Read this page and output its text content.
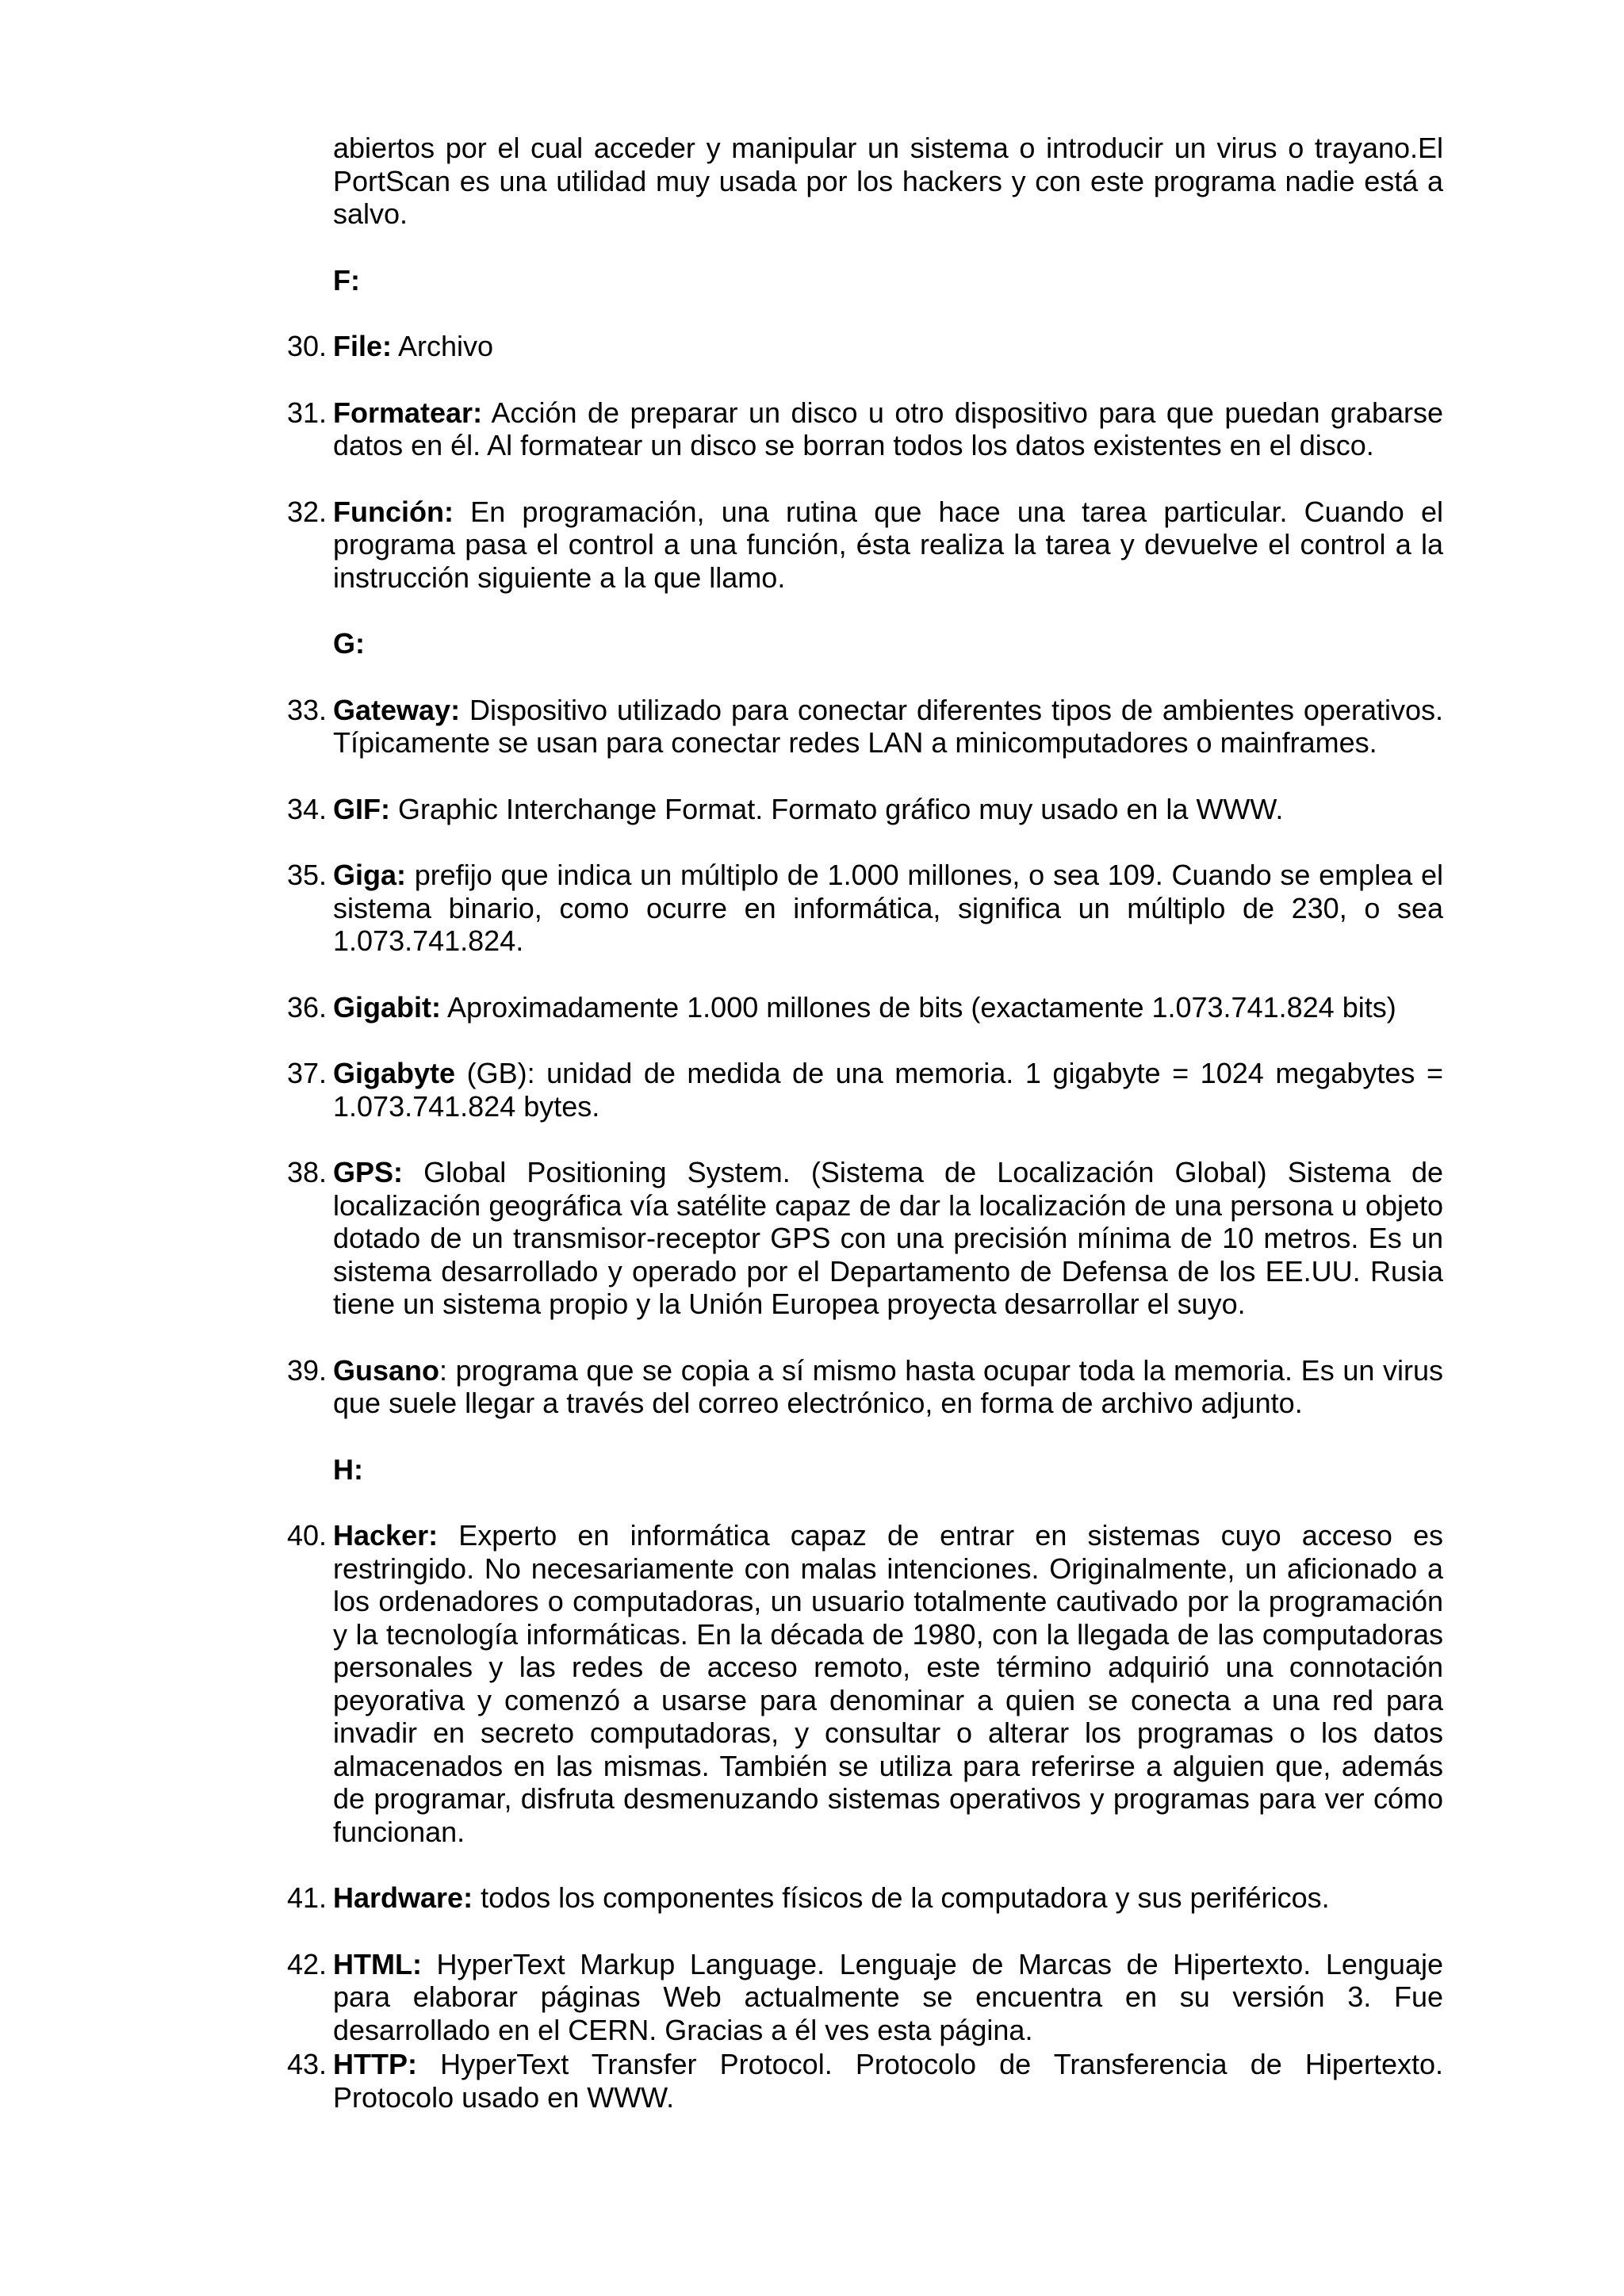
abiertos por el cual acceder y manipular un sistema o introducir un virus o trayano.El PortScan es una utilidad muy usada por los hackers y con este programa nadie está a salvo.

F:

30. File: Archivo
31. Formatear: Acción de preparar un disco u otro dispositivo para que puedan grabarse datos en él. Al formatear un disco se borran todos los datos existentes en el disco.
32. Función: En programación, una rutina que hace una tarea particular. Cuando el programa pasa el control a una función, ésta realiza la tarea y devuelve el control a la instrucción siguiente a la que llamo.

G:

33. Gateway: Dispositivo utilizado para conectar diferentes tipos de ambientes operativos. Típicamente se usan para conectar redes LAN a minicomputadores o mainframes.
34. GIF: Graphic Interchange Format. Formato gráfico muy usado en la WWW.
35. Giga: prefijo que indica un múltiplo de 1.000 millones, o sea 109. Cuando se emplea el sistema binario, como ocurre en informática, significa un múltiplo de 230, o sea 1.073.741.824.
36. Gigabit: Aproximadamente 1.000 millones de bits (exactamente 1.073.741.824 bits)
37. Gigabyte (GB): unidad de medida de una memoria. 1 gigabyte = 1024 megabytes = 1.073.741.824 bytes.
38. GPS: Global Positioning System. (Sistema de Localización Global) Sistema de localización geográfica vía satélite capaz de dar la localización de una persona u objeto dotado de un transmisor-receptor GPS con una precisión mínima de 10 metros. Es un sistema desarrollado y operado por el Departamento de Defensa de los EE.UU. Rusia tiene un sistema propio y la Unión Europea proyecta desarrollar el suyo.
39. Gusano: programa que se copia a sí mismo hasta ocupar toda la memoria. Es un virus que suele llegar a través del correo electrónico, en forma de archivo adjunto.

H:

40. Hacker: Experto en informática capaz de entrar en sistemas cuyo acceso es restringido. No necesariamente con malas intenciones. Originalmente, un aficionado a los ordenadores o computadoras, un usuario totalmente cautivado por la programación y la tecnología informáticas. En la década de 1980, con la llegada de las computadoras personales y las redes de acceso remoto, este término adquirió una connotación peyorativa y comenzó a usarse para denominar a quien se conecta a una red para invadir en secreto computadoras, y consultar o alterar los programas o los datos almacenados en las mismas. También se utiliza para referirse a alguien que, además de programar, disfruta desmenuzando sistemas operativos y programas para ver cómo funcionan.
41. Hardware: todos los componentes físicos de la computadora y sus periféricos.
42. HTML: HyperText Markup Language. Lenguaje de Marcas de Hipertexto. Lenguaje para elaborar páginas Web actualmente se encuentra en su versión 3. Fue desarrollado en el CERN. Gracias a él ves esta página.
43. HTTP: HyperText Transfer Protocol. Protocolo de Transferencia de Hipertexto. Protocolo usado en WWW.
